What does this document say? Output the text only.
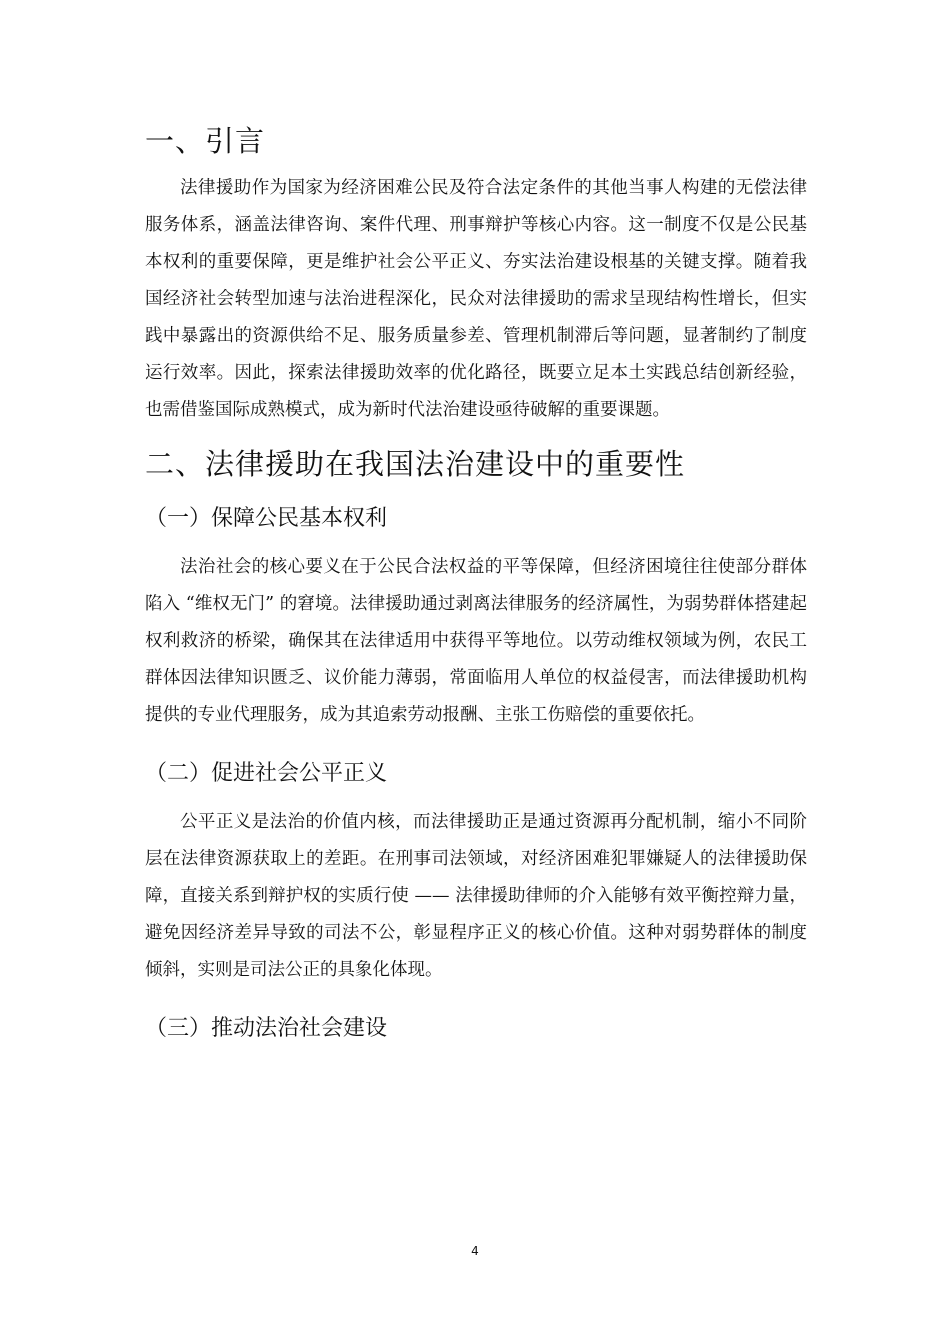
一、引言

法律援助作为国家为经济困难公民及符合法定条件的其他当事人构建的无偿法律服务体系，涵盖法律咨询、案件代理、刑事辩护等核心内容。这一制度不仅是公民基本权利的重要保障，更是维护社会公平正义、夯实法治建设根基的关键支撑。随着我国经济社会转型加速与法治进程深化，民众对法律援助的需求呈现结构性增长，但实践中暴露出的资源供给不足、服务质量参差、管理机制滞后等问题，显著制约了制度运行效率。因此，探索法律援助效率的优化路径，既要立足本土实践总结创新经验，也需借鉴国际成熟模式，成为新时代法治建设亟待破解的重要课题。

二、法律援助在我国法治建设中的重要性
（一）保障公民基本权利

法治社会的核心要义在于公民合法权益的平等保障，但经济困境往往使部分群体陷入 “维权无门” 的窘境。法律援助通过剥离法律服务的经济属性，为弱势群体搭建起权利救济的桥梁，确保其在法律适用中获得平等地位。以劳动维权领域为例，农民工群体因法律知识匮乏、议价能力薄弱，常面临用人单位的权益侵害，而法律援助机构提供的专业代理服务，成为其追索劳动报酬、主张工伤赔偿的重要依托。

（二）促进社会公平正义

公平正义是法治的价值内核，而法律援助正是通过资源再分配机制，缩小不同阶层在法律资源获取上的差距。在刑事司法领域，对经济困难犯罪嫌疑人的法律援助保障，直接关系到辩护权的实质行使 —— 法律援助律师的介入能够有效平衡控辩力量，避免因经济差异导致的司法不公，彰显程序正义的核心价值。这种对弱势群体的制度倾斜，实则是司法公正的具象化体现。

（三）推动法治社会建设
4
